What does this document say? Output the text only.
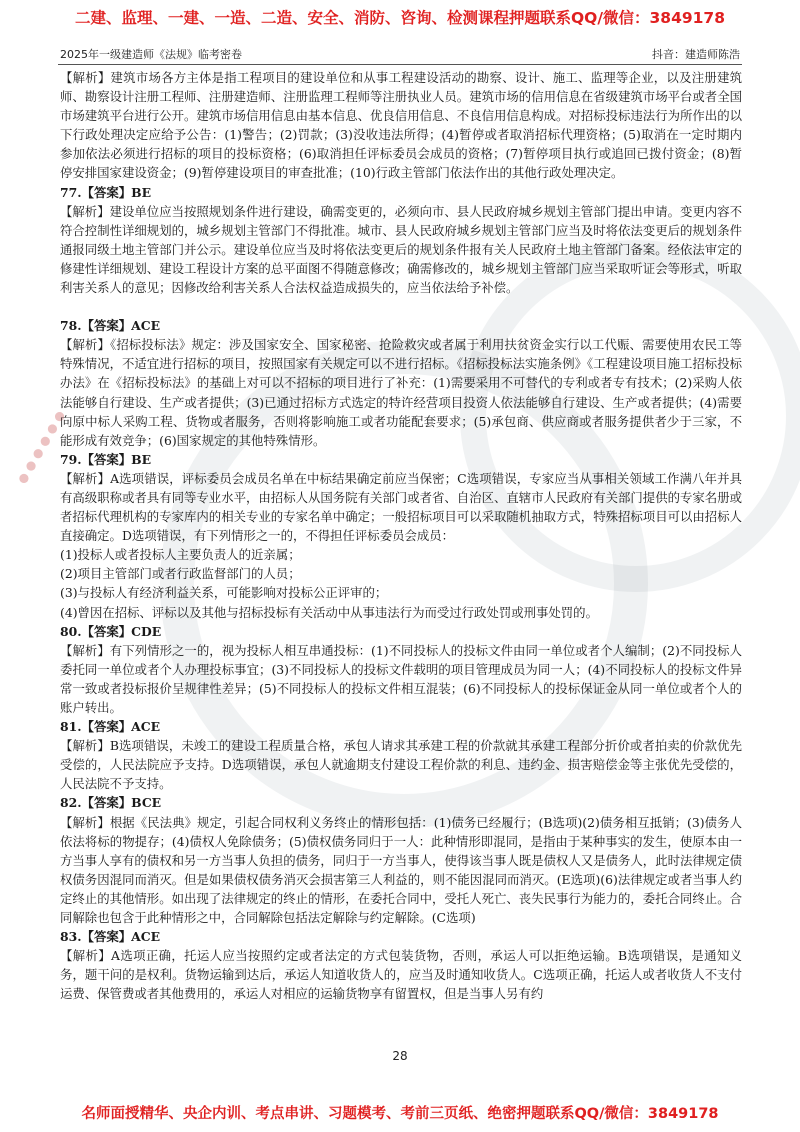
二建、监理、一建、一造、二造、安全、消防、咨询、检测课程押题联系QQ/微信：3849178
2025年一级建造师《法规》临考密卷	抖音：建造师陈浩
● ● ● ● ● ●

【解析】建筑市场各方主体是指工程项目的建设单位和从事工程建设活动的勘察、设计、施工、监理等企业，以及注册建筑师、勘察设计注册工程师、注册建造师、注册监理工程师等注册执业人员。建筑市场的信用信息在省级建筑市场平台或者全国市场建筑平台进行公开。建筑市场信用信息由基本信息、优良信用信息、不良信用信息构成。对招标投标违法行为所作出的以下行政处理决定应给予公告：(1)警告；(2)罚款；(3)没收违法所得；(4)暂停或者取消招标代理资格；(5)取消在一定时期内参加依法必须进行招标的项目的投标资格；(6)取消担任评标委员会成员的资格；(7)暂停项目执行或追回已拨付资金；(8)暂停安排国家建设资金；(9)暂停建设项目的审查批准；(10)行政主管部门依法作出的其他行政处理决定。

77.【答案】BE

【解析】建设单位应当按照规划条件进行建设，确需变更的，必须向市、县人民政府城乡规划主管部门提出申请。变更内容不符合控制性详细规划的，城乡规划主管部门不得批准。城市、县人民政府城乡规划主管部门应当及时将依法变更后的规划条件通报同级土地主管部门并公示。建设单位应当及时将依法变更后的规划条件报有关人民政府土地主管部门备案。经依法审定的修建性详细规划、建设工程设计方案的总平面图不得随意修改；确需修改的，城乡规划主管部门应当采取听证会等形式，听取利害关系人的意见；因修改给利害关系人合法权益造成损失的，应当依法给予补偿。

78.【答案】ACE

【解析】《招标投标法》规定：涉及国家安全、国家秘密、抢险救灾或者属于利用扶贫资金实行以工代赈、需要使用农民工等特殊情况，不适宜进行招标的项目，按照国家有关规定可以不进行招标。《招标投标法实施条例》《工程建设项目施工招标投标办法》在《招标投标法》的基础上对可以不招标的项目进行了补充：(1)需要采用不可替代的专利或者专有技术；(2)采购人依法能够自行建设、生产或者提供；(3)已通过招标方式选定的特许经营项目投资人依法能够自行建设、生产或者提供；(4)需要向原中标人采购工程、货物或者服务，否则将影响施工或者功能配套要求；(5)承包商、供应商或者服务提供者少于三家，不能形成有效竞争；(6)国家规定的其他特殊情形。

79.【答案】BE

【解析】A选项错误，评标委员会成员名单在中标结果确定前应当保密；C选项错误，专家应当从事相关领域工作满八年并具有高级职称或者具有同等专业水平，由招标人从国务院有关部门或者省、自治区、直辖市人民政府有关部门提供的专家名册或者招标代理机构的专家库内的相关专业的专家名单中确定；一般招标项目可以采取随机抽取方式，特殊招标项目可以由招标人直接确定。D选项错误，有下列情形之一的，不得担任评标委员会成员：

(1)投标人或者投标人主要负责人的近亲属；

(2)项目主管部门或者行政监督部门的人员；

(3)与投标人有经济利益关系，可能影响对投标公正评审的；

(4)曾因在招标、评标以及其他与招标投标有关活动中从事违法行为而受过行政处罚或刑事处罚的。

80.【答案】CDE

【解析】有下列情形之一的，视为投标人相互串通投标：(1)不同投标人的投标文件由同一单位或者个人编制；(2)不同投标人委托同一单位或者个人办理投标事宜；(3)不同投标人的投标文件载明的项目管理成员为同一人；(4)不同投标人的投标文件异常一致或者投标报价呈规律性差异；(5)不同投标人的投标文件相互混装；(6)不同投标人的投标保证金从同一单位或者个人的账户转出。

81.【答案】ACE

【解析】B选项错误，未竣工的建设工程质量合格，承包人请求其承建工程的价款就其承建工程部分折价或者拍卖的价款优先受偿的，人民法院应予支持。D选项错误，承包人就逾期支付建设工程价款的利息、违约金、损害赔偿金等主张优先受偿的，人民法院不予支持。

82.【答案】BCE

【解析】根据《民法典》规定，引起合同权利义务终止的情形包括：(1)债务已经履行；(B选项)(2)债务相互抵销；(3)债务人依法将标的物提存；(4)债权人免除债务；(5)债权债务同归于一人：此种情形即混同，是指由于某种事实的发生，使原本由一方当事人享有的债权和另一方当事人负担的债务，同归于一方当事人，使得该当事人既是债权人又是债务人，此时法律规定债权债务因混同而消灭。但是如果债权债务消灭会损害第三人利益的，则不能因混同而消灭。(E选项)(6)法律规定或者当事人约定终止的其他情形。如出现了法律规定的终止的情形，在委托合同中，受托人死亡、丧失民事行为能力的，委托合同终止。合同解除也包含于此种情形之中，合同解除包括法定解除与约定解除。(C选项)

83.【答案】ACE

【解析】A选项正确，托运人应当按照约定或者法定的方式包装货物，否则，承运人可以拒绝运输。B选项错误，是通知义务，题干问的是权利。货物运输到达后，承运人知道收货人的，应当及时通知收货人。C选项正确，托运人或者收货人不支付运费、保管费或者其他费用的，承运人对相应的运输货物享有留置权，但是当事人另有约

28
名师面授精华、央企内训、考点串讲、习题模考、考前三页纸、绝密押题联系QQ/微信：3849178
